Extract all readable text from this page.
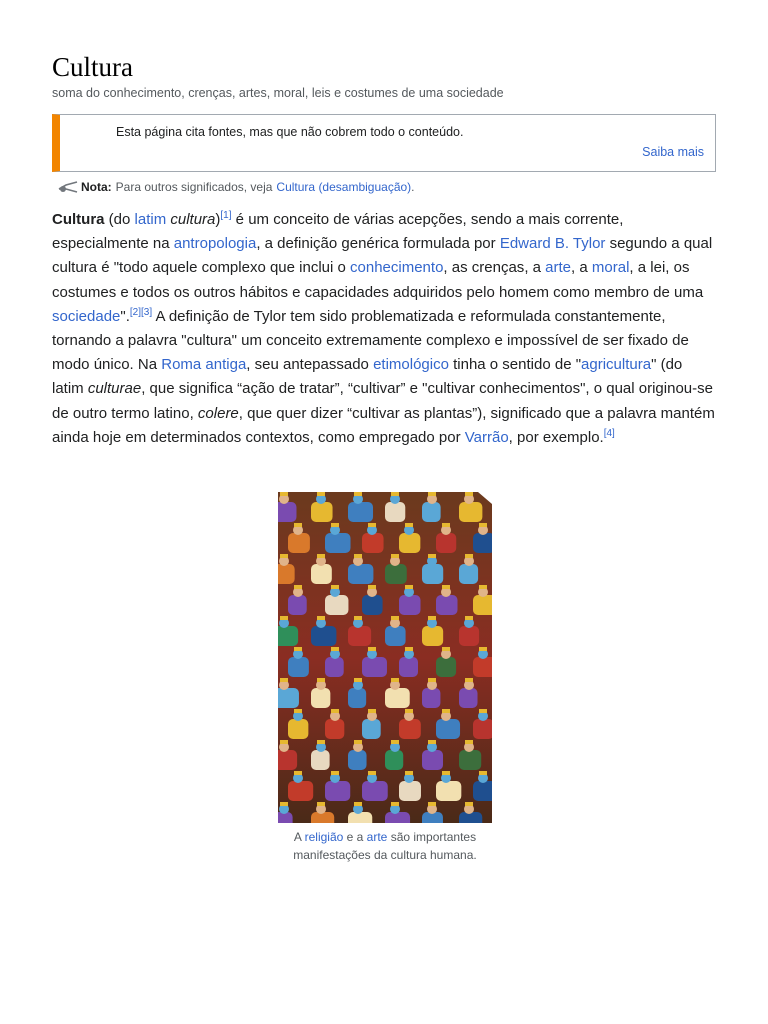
Cultura
soma do conhecimento, crenças, artes, moral, leis e costumes de uma sociedade
Esta página cita fontes, mas que não cobrem todo o conteúdo.
Saiba mais
Nota: Para outros significados, veja Cultura (desambiguação) .

Cultura (do latim cultura)[1] é um conceito de várias acepções, sendo a mais corrente, especialmente na antropologia, a definição genérica formulada por Edward B. Tylor segundo a qual cultura é "todo aquele complexo que inclui o conhecimento, as crenças, a arte, a moral, a lei, os costumes e todos os outros hábitos e capacidades adquiridos pelo homem como membro de uma sociedade".[2][3] A definição de Tylor tem sido problematizada e reformulada constantemente, tornando a palavra "cultura" um conceito extremamente complexo e impossível de ser fixado de modo único. Na Roma antiga, seu antepassado etimológico tinha o sentido de "agricultura" (do latim culturae, que significa “ação de tratar”, “cultivar” e "cultivar conhecimentos", o qual originou-se de outro termo latino, colere, que quer dizer “cultivar as plantas”), significado que a palavra mantém ainda hoje em determinados contextos, como empregado por Varrão, por exemplo.[4]

A religião e a arte são importantes manifestações da cultura humana.
